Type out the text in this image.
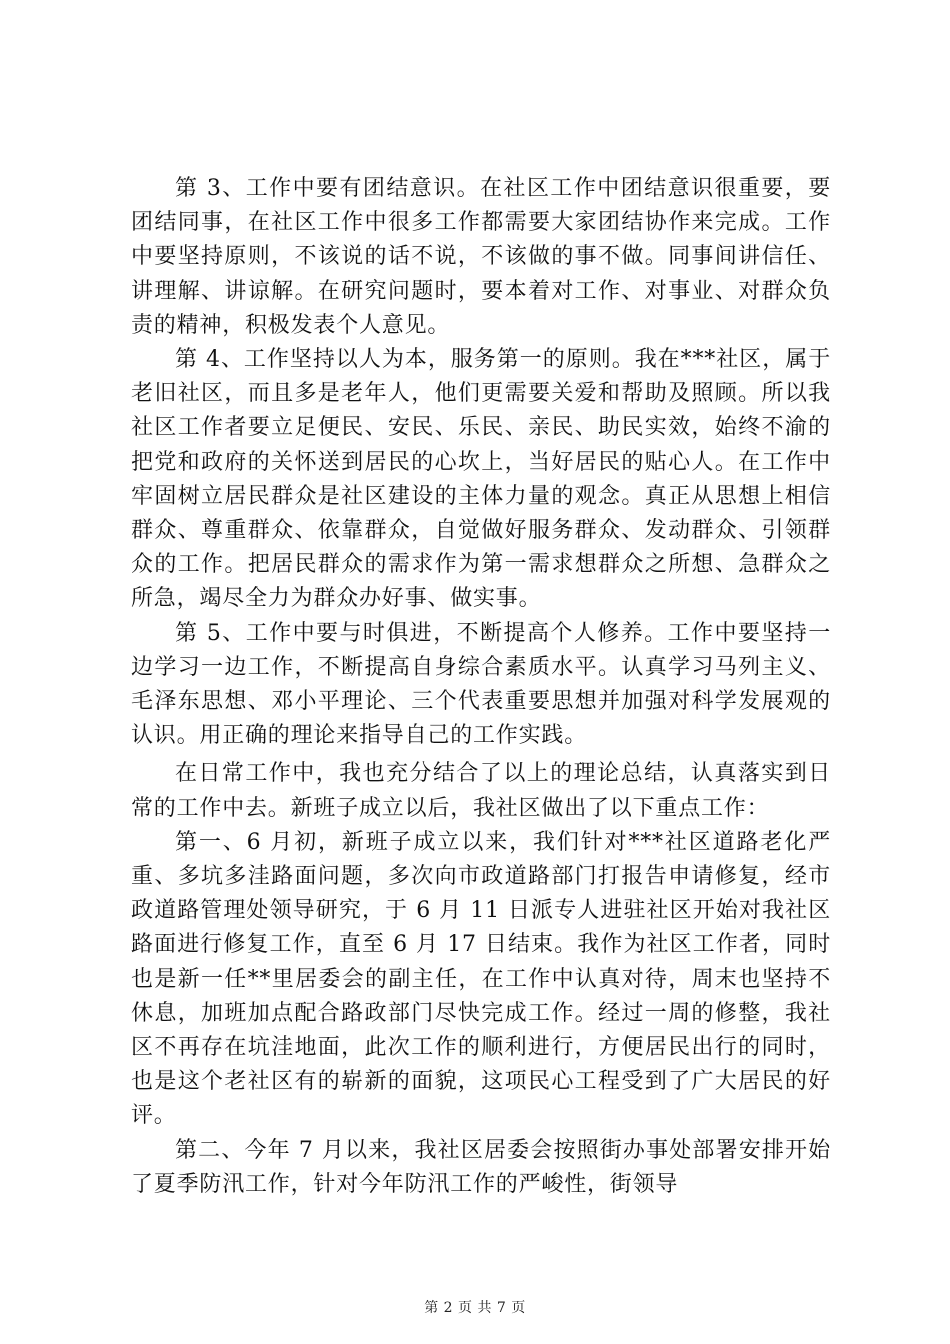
第 3、工作中要有团结意识。在社区工作中团结意识很重要，要团结同事，在社区工作中很多工作都需要大家团结协作来完成。工作中要坚持原则，不该说的话不说，不该做的事不做。同事间讲信任、讲理解、讲谅解。在研究问题时，要本着对工作、对事业、对群众负责的精神，积极发表个人意见。

第 4、工作坚持以人为本，服务第一的原则。我在***社区，属于老旧社区，而且多是老年人，他们更需要关爱和帮助及照顾。所以我社区工作者要立足便民、安民、乐民、亲民、助民实效，始终不渝的把党和政府的关怀送到居民的心坎上，当好居民的贴心人。在工作中牢固树立居民群众是社区建设的主体力量的观念。真正从思想上相信群众、尊重群众、依靠群众，自觉做好服务群众、发动群众、引领群众的工作。把居民群众的需求作为第一需求想群众之所想、急群众之所急，竭尽全力为群众办好事、做实事。

第 5、工作中要与时俱进，不断提高个人修养。工作中要坚持一边学习一边工作，不断提高自身综合素质水平。认真学习马列主义、毛泽东思想、邓小平理论、三个代表重要思想并加强对科学发展观的认识。用正确的理论来指导自己的工作实践。

在日常工作中，我也充分结合了以上的理论总结，认真落实到日常的工作中去。新班子成立以后，我社区做出了以下重点工作：

第一、6 月初，新班子成立以来，我们针对***社区道路老化严重、多坑多洼路面问题，多次向市政道路部门打报告申请修复，经市政道路管理处领导研究，于 6 月 11 日派专人进驻社区开始对我社区路面进行修复工作，直至 6 月 17 日结束。我作为社区工作者，同时也是新一任**里居委会的副主任，在工作中认真对待，周末也坚持不休息，加班加点配合路政部门尽快完成工作。经过一周的修整，我社区不再存在坑洼地面，此次工作的顺利进行，方便居民出行的同时，也是这个老社区有的崭新的面貌，这项民心工程受到了广大居民的好评。

第二、今年 7 月以来，我社区居委会按照街办事处部署安排开始了夏季防汛工作，针对今年防汛工作的严峻性，街领导

第 2 页 共 7 页
